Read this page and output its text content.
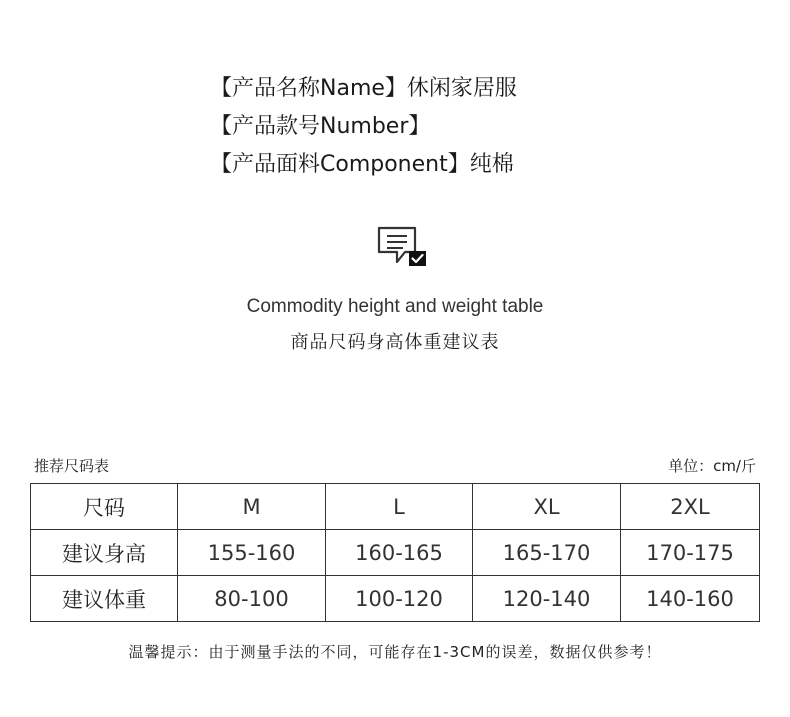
【产品名称Name】休闲家居服
【产品款号Number】
【产品面料Component】纯棉
Commodity height and weight table
商品尺码身高体重建议表
推荐尺码表	单位：cm/斤
尺码	M	L	XL	2XL
建议身高	155-160	160-165	165-170	170-175
建议体重	80-100	100-120	120-140	140-160
温馨提示：由于测量手法的不同，可能存在1-3CM的误差，数据仅供参考！
